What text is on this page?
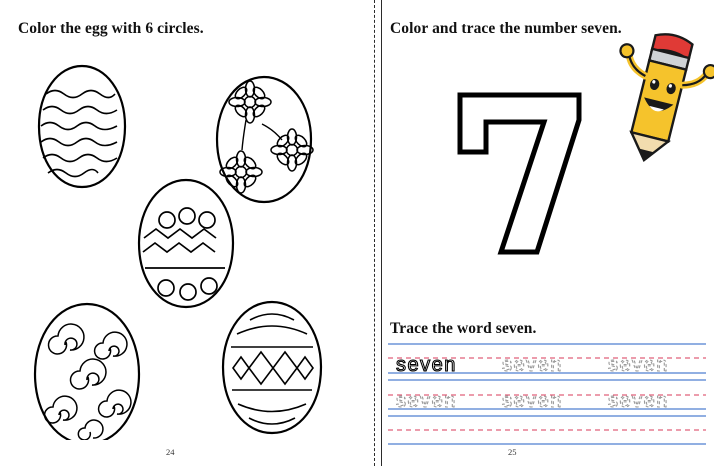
Color the egg with 6 circles.
24
Color and trace the number seven.
Trace the word seven.
seven seven seven
seven seven seven
25
